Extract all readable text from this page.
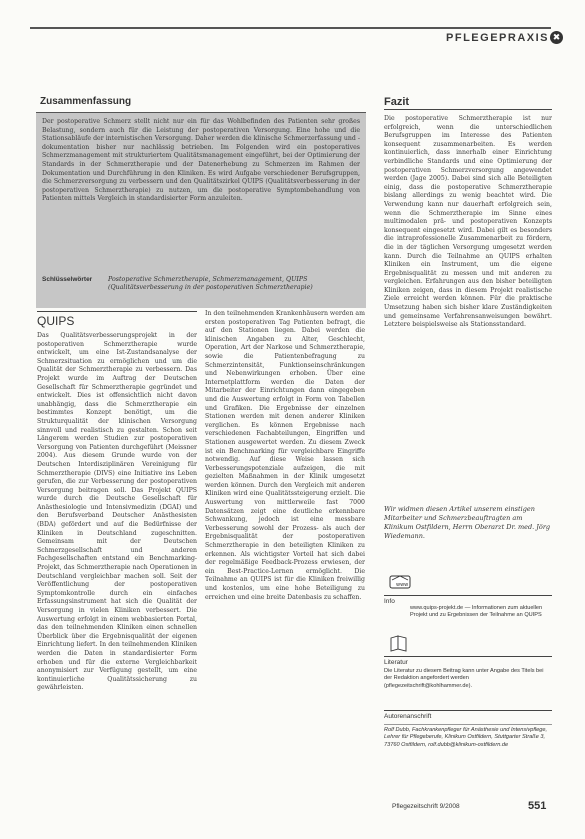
PFLEGEPRAXIS ✖
Zusammenfassung
Der postoperative Schmerz stellt nicht nur ein für das Wohlbefinden des Patienten sehr großes Belastung, sondern auch für die Leistung der postoperativen Versorgung. Eine hohe und die Stationsabläufe der internistischen Versorgung. Daher werden die klinische Schmerzerfassung und -dokumentation bisher nur nachlässig betrieben. Im Folgenden wird ein postoperatives Schmerzmanagement mit strukturiertem Qualitätsmanagement eingeführt, bei der Optimierung der Standards in der Schmerztherapie und der Datenerhebung zu Schmerzen im Rahmen der Dokumentation und Durchführung in den Kliniken. Es wird Aufgabe verschiedener Berufsgruppen, die Schmerzversorgung zu verbessern und den Qualitätszirkel QUIPS (Qualitätsverbesserung in der postoperativen Schmerztherapie) zu nutzen, um die postoperative Symptombehandlung von Patienten mittels Vergleich in standardisierter Form anzuleiten.
Schlüsselwörter	Postoperative Schmerztherapie, Schmerzmanagement, QUIPS (Qualitätsverbesserung in der postoperativen Schmerztherapie)
QUIPS
Das Qualitätsverbesserungsprojekt in der postoperativen Schmerztherapie wurde entwickelt, um eine Ist-Zustandsanalyse der Schmerzsituation zu ermöglichen und um die Qualität der Schmerztherapie zu verbessern. Das Projekt wurde im Auftrag der Deutschen Gesellschaft für Schmerztherapie gegründet und entwickelt. Dies ist offensichtlich nicht davon unabhängig, dass die Schmerztherapie ein bestimmtes Konzept benötigt, um die Strukturqualität der klinischen Versorgung sinnvoll und realistisch zu gestalten. Schon seit Längerem werden Studien zur postoperativen Versorgung von Patienten durchgeführt (Meissner 2004). Aus diesem Grunde wurde von der Deutschen Interdisziplinären Vereinigung für Schmerztherapie (DIVS) eine Initiative ins Leben gerufen, die zur Verbesserung der postoperativen Versorgung beitragen soll. Das Projekt QUIPS wurde durch die Deutsche Gesellschaft für Anästhesiologie und Intensivmedizin (DGAI) und den Berufsverband Deutscher Anästhesisten (BDA) gefördert und auf die Bedürfnisse der Kliniken in Deutschland zugeschnitten. Gemeinsam mit der Deutschen Schmerzgesellschaft und anderen Fachgesellschaften entstand ein Benchmarking-Projekt, das Schmerztherapie nach Operationen in Deutschland vergleichbar machen soll. Seit der Veröffentlichung der postoperativen Symptomkontrolle durch ein einfaches Erfassungsinstrument hat sich die Qualität der Versorgung in vielen Kliniken verbessert. Die Auswertung erfolgt in einem webbasierten Portal, das den teilnehmenden Kliniken einen schnellen Überblick über die Ergebnisqualität der eigenen Einrichtung liefert. In den teilnehmenden Kliniken werden die Daten in standardisierter Form erhoben und für die externe Vergleichbarkeit anonymisiert zur Verfügung gestellt, um eine kontinuierliche Qualitätssicherung zu gewährleisten.
In den teilnehmenden Krankenhäusern werden am ersten postoperativen Tag Patienten befragt, die auf den Stationen liegen. Dabei werden die klinischen Angaben zu Alter, Geschlecht, Operation, Art der Narkose und Schmerztherapie, sowie die Patientenbefragung zu Schmerzintensität, Funktionseinschränkungen und Nebenwirkungen erhoben. Über eine Internetplattform werden die Daten der Mitarbeiter der Einrichtungen dann eingegeben und die Auswertung erfolgt in Form von Tabellen und Grafiken. Die Ergebnisse der einzelnen Stationen werden mit denen anderer Kliniken verglichen. Es können Ergebnisse nach verschiedenen Fachabteilungen, Eingriffen und Stationen ausgewertet werden. Zu diesem Zweck ist ein Benchmarking für vergleichbare Eingriffe notwendig. Auf diese Weise lassen sich Verbesserungspotenziale aufzeigen, die mit gezielten Maßnahmen in der Klinik umgesetzt werden können. Durch den Vergleich mit anderen Kliniken wird eine Qualitätssteigerung erzielt. Die Auswertung von mittlerweile fast 7000 Datensätzen zeigt eine deutliche erkennbare Schwankung, jedoch ist eine messbare Verbesserung sowohl der Prozess- als auch der Ergebnisqualität der postoperativen Schmerztherapie in den beteiligten Kliniken zu erkennen. Als wichtigster Vorteil hat sich dabei der regelmäßige Feedback-Prozess erwiesen, der ein Best-Practice-Lernen ermöglicht. Die Teilnahme an QUIPS ist für die Kliniken freiwillig und kostenlos, um eine hohe Beteiligung zu erreichen und eine breite Datenbasis zu schaffen.
Fazit
Die postoperative Schmerztherapie ist nur erfolgreich, wenn die unterschiedlichen Berufsgruppen im Interesse des Patienten konsequent zusammenarbeiten. Es werden kontinuierlich, dass innerhalb einer Einrichtung verbindliche Standards und eine Optimierung der postoperativen Schmerzversorgung angewendet werden (Jage 2005). Dabei sind sich alle Beteiligten einig, dass die postoperative Schmerztherapie bislang allerdings zu wenig beachtet wird. Die Verwendung kann nur dauerhaft erfolgreich sein, wenn die Schmerztherapie im Sinne eines multimodalen prä- und postoperativen Konzepts konsequent eingesetzt wird. Dabei gilt es besonders die intraprofessionelle Zusammenarbeit zu fördern, die in der täglichen Versorgung umgesetzt werden kann. Durch die Teilnahme an QUIPS erhalten Kliniken ein Instrument, um die eigene Ergebnisqualität zu messen und mit anderen zu vergleichen. Erfahrungen aus den bisher beteiligten Kliniken zeigen, dass in diesem Projekt realistische Ziele erreicht werden können. Für die praktische Umsetzung haben sich bisher klare Zuständigkeiten und gemeinsame Verfahrensanweisungen bewährt. Letztere beispielsweise als Stationsstandard.
Wir widmen diesen Artikel unserem einstigen Mitarbeiter und Schmerzbeauftragten am Klinikum Ostfildern, Herrn Oberarzt Dr. med. Jörg Wiedemann.
www
Info
www.quips-projekt.de — Informationen zum aktuellen Projekt und zu Ergebnissen der Teilnahme an QUIPS
Literatur
Die Literatur zu diesem Beitrag kann unter Angabe des Titels bei der Redaktion angefordert werden (pflegezeitschrift@kohlhammer.de).
Autorenanschrift
Rolf Dubb, Fachkrankenpfleger für Anästhesie und Intensivpflege, Lehrer für Pflegeberufe, Klinikum Ostfildern, Stuttgarter Straße 3, 73760 Ostfildern, rolf.dubb@klinikum-ostfildern.de
Pflegezeitschrift 9/2008	551
